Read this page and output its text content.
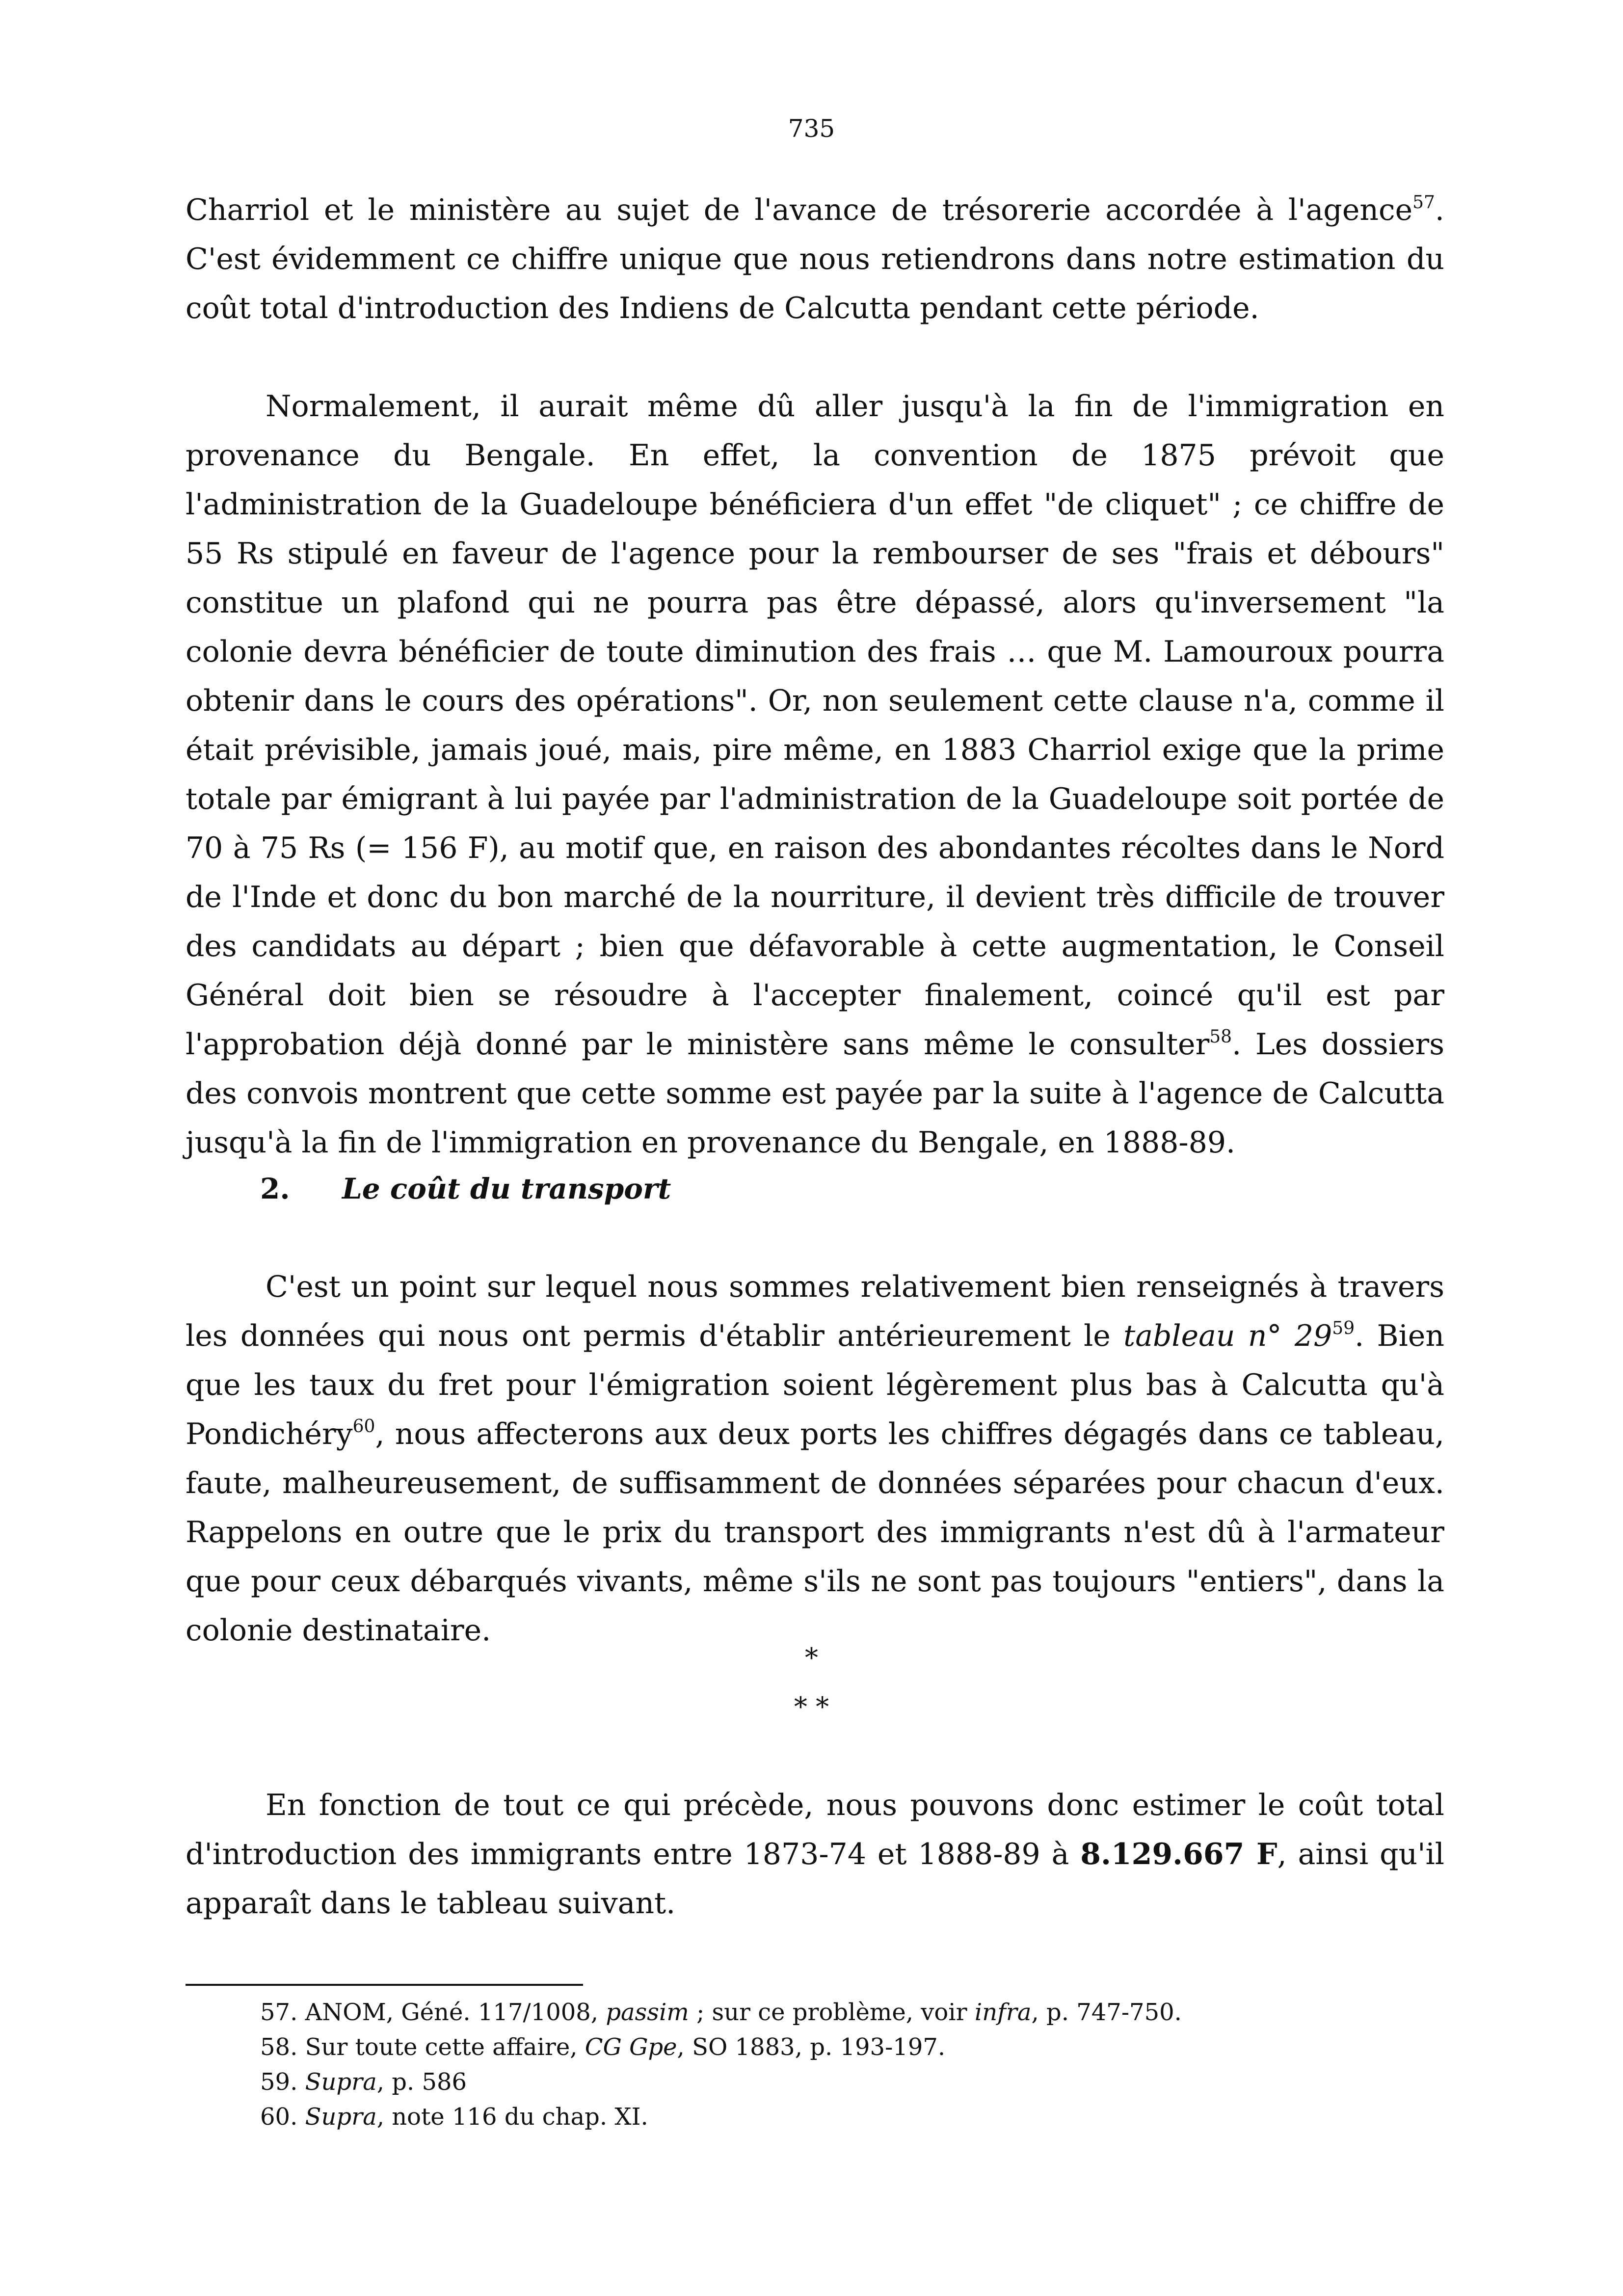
735

Charriol et le ministère au sujet de l'avance de trésorerie accordée à l'agence$^{57}$. C'est évidemment ce chiffre unique que nous retiendrons dans notre estimation du coût total d'introduction des Indiens de Calcutta pendant cette période.

Normalement, il aurait même dû aller jusqu'à la fin de l'immigration en provenance du Bengale. En effet, la convention de 1875 prévoit que l'administration de la Guadeloupe bénéficiera d'un effet "de cliquet" ; ce chiffre de 55 Rs stipulé en faveur de l'agence pour la rembourser de ses "frais et débours" constitue un plafond qui ne pourra pas être dépassé, alors qu'inversement "la colonie devra bénéficier de toute diminution des frais … que M. Lamouroux pourra obtenir dans le cours des opérations". Or, non seulement cette clause n'a, comme il était prévisible, jamais joué, mais, pire même, en 1883 Charriol exige que la prime totale par émigrant à lui payée par l'administration de la Guadeloupe soit portée de 70 à 75 Rs (= 156 F), au motif que, en raison des abondantes récoltes dans le Nord de l'Inde et donc du bon marché de la nourriture, il devient très difficile de trouver des candidats au départ ; bien que défavorable à cette augmentation, le Conseil Général doit bien se résoudre à l'accepter finalement, coincé qu'il est par l'approbation déjà donné par le ministère sans même le consulter$^{58}$. Les dossiers des convois montrent que cette somme est payée par la suite à l'agence de Calcutta jusqu'à la fin de l'immigration en provenance du Bengale, en 1888-89.

2. Le coût du transport

C'est un point sur lequel nous sommes relativement bien renseignés à travers les données qui nous ont permis d'établir antérieurement le tableau n° 29$^{59}$. Bien que les taux du fret pour l'émigration soient légèrement plus bas à Calcutta qu'à Pondichéry$^{60}$, nous affecterons aux deux ports les chiffres dégagés dans ce tableau, faute, malheureusement, de suffisamment de données séparées pour chacun d'eux. Rappelons en outre que le prix du transport des immigrants n'est dû à l'armateur que pour ceux débarqués vivants, même s'ils ne sont pas toujours "entiers", dans la colonie destinataire.

*
* *

En fonction de tout ce qui précède, nous pouvons donc estimer le coût total d'introduction des immigrants entre 1873-74 et 1888-89 à 8.129.667 F, ainsi qu'il apparaît dans le tableau suivant.

57. ANOM, Géné. 117/1008, passim ; sur ce problème, voir infra, p. 747-750.
58. Sur toute cette affaire, CG Gpe, SO 1883, p. 193-197.
59. Supra, p. 586
60. Supra, note 116 du chap. XI.
